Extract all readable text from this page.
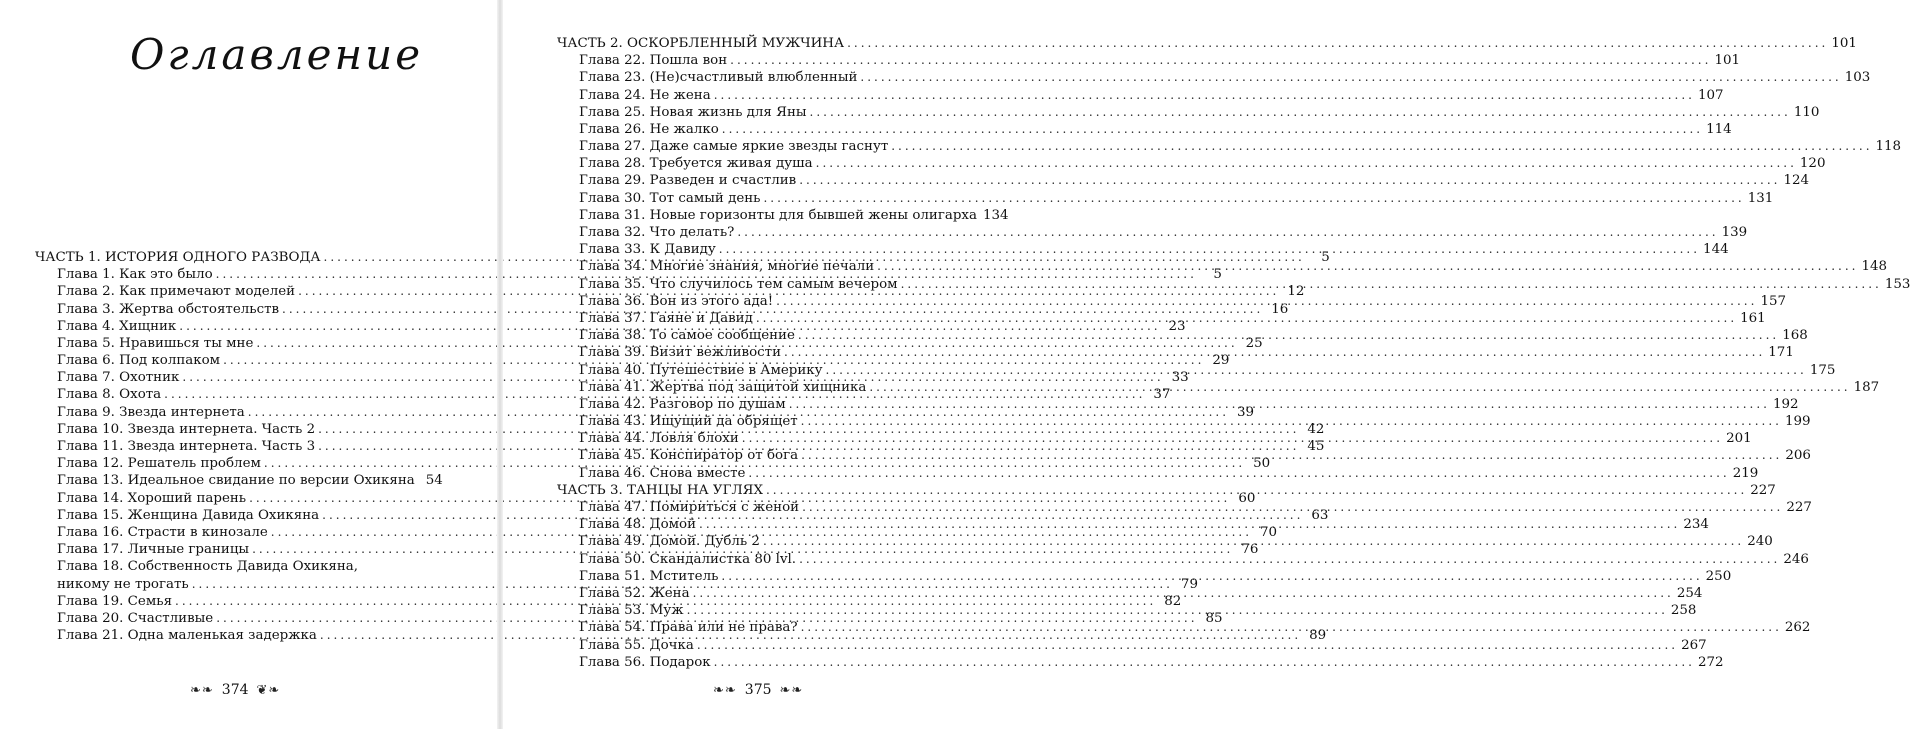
Оглавление
ЧАСТЬ 1. ИСТОРИЯ ОДНОГО РАЗВОДА .....	5
Глава 1. Как это было .....	5
Глава 2. Как примечают моделей .....	12
Глава 3. Жертва обстоятельств .....	16
Глава 4. Хищник .....	23
Глава 5. Нравишься ты мне .....	25
Глава 6. Под колпаком .....	29
Глава 7. Охотник .....	33
Глава 8. Охота .....	37
Глава 9. Звезда интернета .....	39
Глава 10. Звезда интернета. Часть 2 .....	42
Глава 11. Звезда интернета. Часть 3 .....	45
Глава 12. Решатель проблем .....	50
Глава 13. Идеальное свидание по версии Охикяна 54
Глава 14. Хороший парень .....	60
Глава 15. Женщина Давида Охикяна .....	63
Глава 16. Страсти в кинозале .....	70
Глава 17. Личные границы .....	76
Глава 18. Собственность Давида Охикяна,
никому не трогать .....	79
Глава 19. Семья .....	82
Глава 20. Счастливые .....	85
Глава 21. Одна маленькая задержка .....	89
❧❧ 374 ❦❧
ЧАСТЬ 2. ОСКОРБЛЕННЫЙ МУЖЧИНА .....	101
Глава 22. Пошла вон .....	101
Глава 23. (Не)счастливый влюбленный .....	103
Глава 24. Не жена .....	107
Глава 25. Новая жизнь для Яны .....	110
Глава 26. Не жалко .....	114
Глава 27. Даже самые яркие звезды гаснут .....	118
Глава 28. Требуется живая душа .....	120
Глава 29. Разведен и счастлив .....	124
Глава 30. Тот самый день .....	131
Глава 31. Новые горизонты для бывшей жены олигарха 134
Глава 32. Что делать? .....	139
Глава 33. К Давиду .....	144
Глава 34. Многие знания, многие печали .....	148
Глава 35. Что случилось тем самым вечером .....	153
Глава 36. Вон из этого ада! .....	157
Глава 37. Гаяне и Давид .....	161
Глава 38. То самое сообщение .....	168
Глава 39. Визит вежливости .....	171
Глава 40. Путешествие в Америку .....	175
Глава 41. Жертва под защитой хищника .....	187
Глава 42. Разговор по душам .....	192
Глава 43. Ищущий да обрящет .....	199
Глава 44. Ловля блохи .....	201
Глава 45. Конспиратор от бога .....	206
Глава 46. Снова вместе .....	219
ЧАСТЬ 3. ТАНЦЫ НА УГЛЯХ .....	227
Глава 47. Помириться с женой .....	227
Глава 48. Домой .....	234
Глава 49. Домой. Дубль 2 .....	240
Глава 50. Скандалистка 80 lvl. .....	246
Глава 51. Мститель .....	250
Глава 52. Жена .....	254
Глава 53. Муж .....	258
Глава 54. Права или не права? .....	262
Глава 55. Дочка .....	267
Глава 56. Подарок .....	272
❧❧ 375 ❧❧
